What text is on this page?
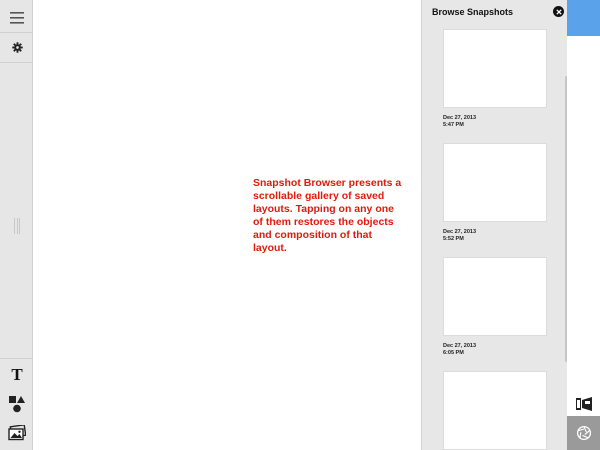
T

Snapshot Browser presents a scrollable gallery of saved layouts. Tapping on any one of them restores the objects and composition of that layout.

Browse Snapshots
Dec 27, 2013
5:47 PM
Dec 27, 2013
5:52 PM
Dec 27, 2013
6:05 PM
